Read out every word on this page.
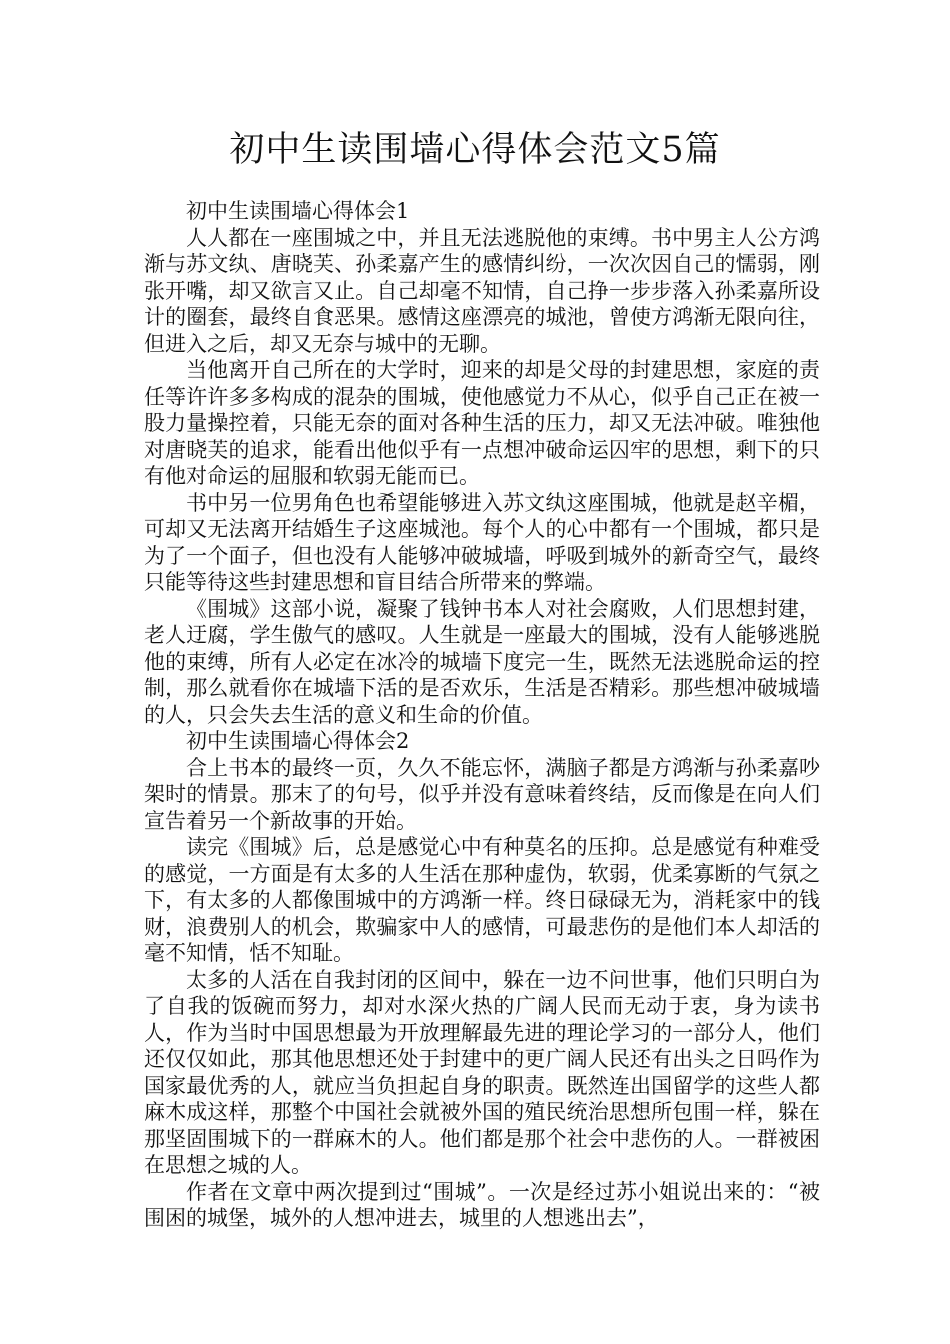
初中生读围墙心得体会范文5篇

初中生读围墙心得体会1

人人都在一座围城之中，并且无法逃脱他的束缚。书中男主人公方鸿渐与苏文纨、唐晓芙、孙柔嘉产生的感情纠纷，一次次因自己的懦弱，刚张开嘴，却又欲言又止。自己却毫不知情，自己挣一步步落入孙柔嘉所设计的圈套，最终自食恶果。感情这座漂亮的城池，曾使方鸿渐无限向往，但进入之后，却又无奈与城中的无聊。

当他离开自己所在的大学时，迎来的却是父母的封建思想，家庭的责任等许许多多构成的混杂的围城，使他感觉力不从心，似乎自己正在被一股力量操控着，只能无奈的面对各种生活的压力，却又无法冲破。唯独他对唐晓芙的追求，能看出他似乎有一点想冲破命运囚牢的思想，剩下的只有他对命运的屈服和软弱无能而已。

书中另一位男角色也希望能够进入苏文纨这座围城，他就是赵辛楣，可却又无法离开结婚生子这座城池。每个人的心中都有一个围城，都只是为了一个面子，但也没有人能够冲破城墙，呼吸到城外的新奇空气，最终只能等待这些封建思想和盲目结合所带来的弊端。

《围城》这部小说，凝聚了钱钟书本人对社会腐败，人们思想封建，老人迂腐，学生傲气的感叹。人生就是一座最大的围城，没有人能够逃脱他的束缚，所有人必定在冰冷的城墙下度完一生，既然无法逃脱命运的控制，那么就看你在城墙下活的是否欢乐，生活是否精彩。那些想冲破城墙的人，只会失去生活的意义和生命的价值。

初中生读围墙心得体会2

合上书本的最终一页，久久不能忘怀，满脑子都是方鸿渐与孙柔嘉吵架时的情景。那末了的句号，似乎并没有意味着终结，反而像是在向人们宣告着另一个新故事的开始。

读完《围城》后，总是感觉心中有种莫名的压抑。总是感觉有种难受的感觉，一方面是有太多的人生活在那种虚伪，软弱，优柔寡断的气氛之下，有太多的人都像围城中的方鸿渐一样。终日碌碌无为，消耗家中的钱财，浪费别人的机会，欺骗家中人的感情，可最悲伤的是他们本人却活的毫不知情，恬不知耻。

太多的人活在自我封闭的区间中，躲在一边不问世事，他们只明白为了自我的饭碗而努力，却对水深火热的广阔人民而无动于衷，身为读书人，作为当时中国思想最为开放理解最先进的理论学习的一部分人，他们还仅仅如此，那其他思想还处于封建中的更广阔人民还有出头之日吗作为国家最优秀的人，就应当负担起自身的职责。既然连出国留学的这些人都麻木成这样，那整个中国社会就被外国的殖民统治思想所包围一样，躲在那坚固围城下的一群麻木的人。他们都是那个社会中悲伤的人。一群被困在思想之城的人。

作者在文章中两次提到过“围城”。一次是经过苏小姐说出来的：“被围困的城堡，城外的人想冲进去，城里的人想逃出去”，
